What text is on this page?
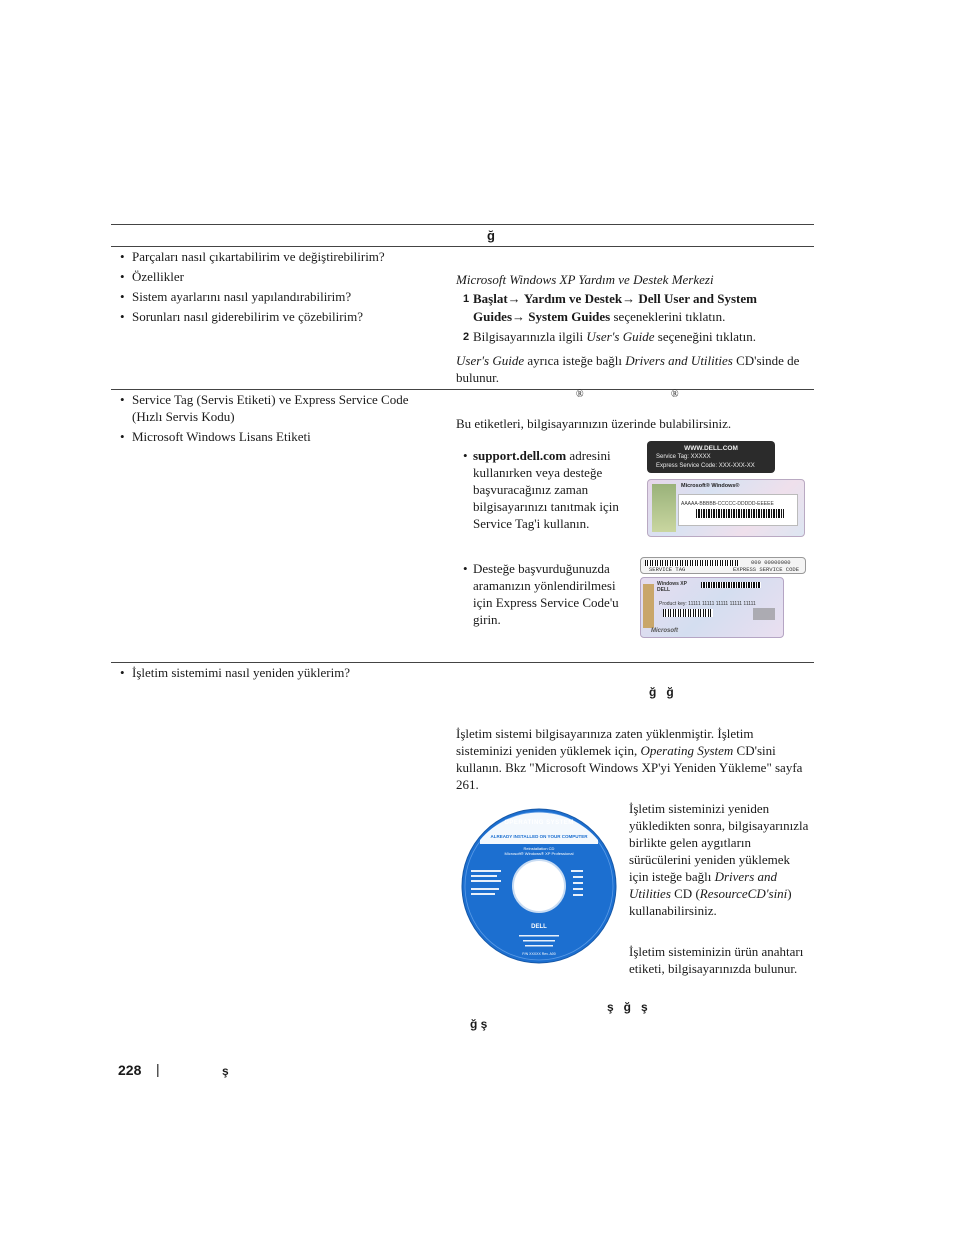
ğ
• Parçaları nasıl çıkartabilirim ve değiştirebilirim?
• Özellikler
• Sistem ayarlarını nasıl yapılandırabilirim?
• Sorunları nasıl giderebilirim ve çözebilirim?
Microsoft Windows XP Yardım ve Destek Merkezi
1 Başlat→ Yardım ve Destek→ Dell User and System Guides→ System Guides seçeneklerini tıklatın.
2 Bilgisayarınızla ilgili User's Guide seçeneğini tıklatın.
User's Guide ayrıca isteğe bağlı Drivers and Utilities CD'sinde de bulunur.
• Service Tag (Servis Etiketi) ve Express Service Code (Hızlı Servis Kodu)
• Microsoft Windows Lisans Etiketi
®	®
Bu etiketleri, bilgisayarınızın üzerinde bulabilirsiniz.
• support.dell.com adresini kullanırken veya desteğe başvuracağınız zaman bilgisayarınızı tanıtmak için Service Tag'i kullanın.
• Desteğe başvurduğunuzda aramanızın yönlendirilmesi için Express Service Code'u girin.
WWW.DELL.COM
Service Tag: XXXXX
Express Service Code: XXX-XXX-XX
Microsoft® Windows®
AAAAA-BBBBB-CCCCC-DDDDD-EEEEE
000 00000000
SERVICE TAG	EXPRESS SERVICE CODE
Windows XP
DELL
Product key: 11111 11111 11111 11111 11111
Microsoft
• İşletim sistemimi nasıl yeniden yüklerim?
ğ   ğ
İşletim sistemi bilgisayarınıza zaten yüklenmiştir. İşletim sisteminizi yeniden yüklemek için, Operating System CD'sini kullanın. Bkz "Microsoft Windows XP'yi Yeniden Yükleme" sayfa 261.
OPERATING SYSTEM
ALREADY INSTALLED ON YOUR COMPUTER
Reinstallation CD
Microsoft® Windows® XP Professional
DELL
P/N XXXXX Rev. A00
İşletim sisteminizi yeniden yükledikten sonra, bilgisayarınızla birlikte gelen aygıtların sürücülerini yeniden yüklemek için isteğe bağlı Drivers and Utilities CD (ResourceCD'sini) kullanabilirsiniz.
İşletim sisteminizin ürün anahtarı etiketi, bilgisayarınızda bulunur.
ş   ğ   ş
ğ ş
228 |	ş
